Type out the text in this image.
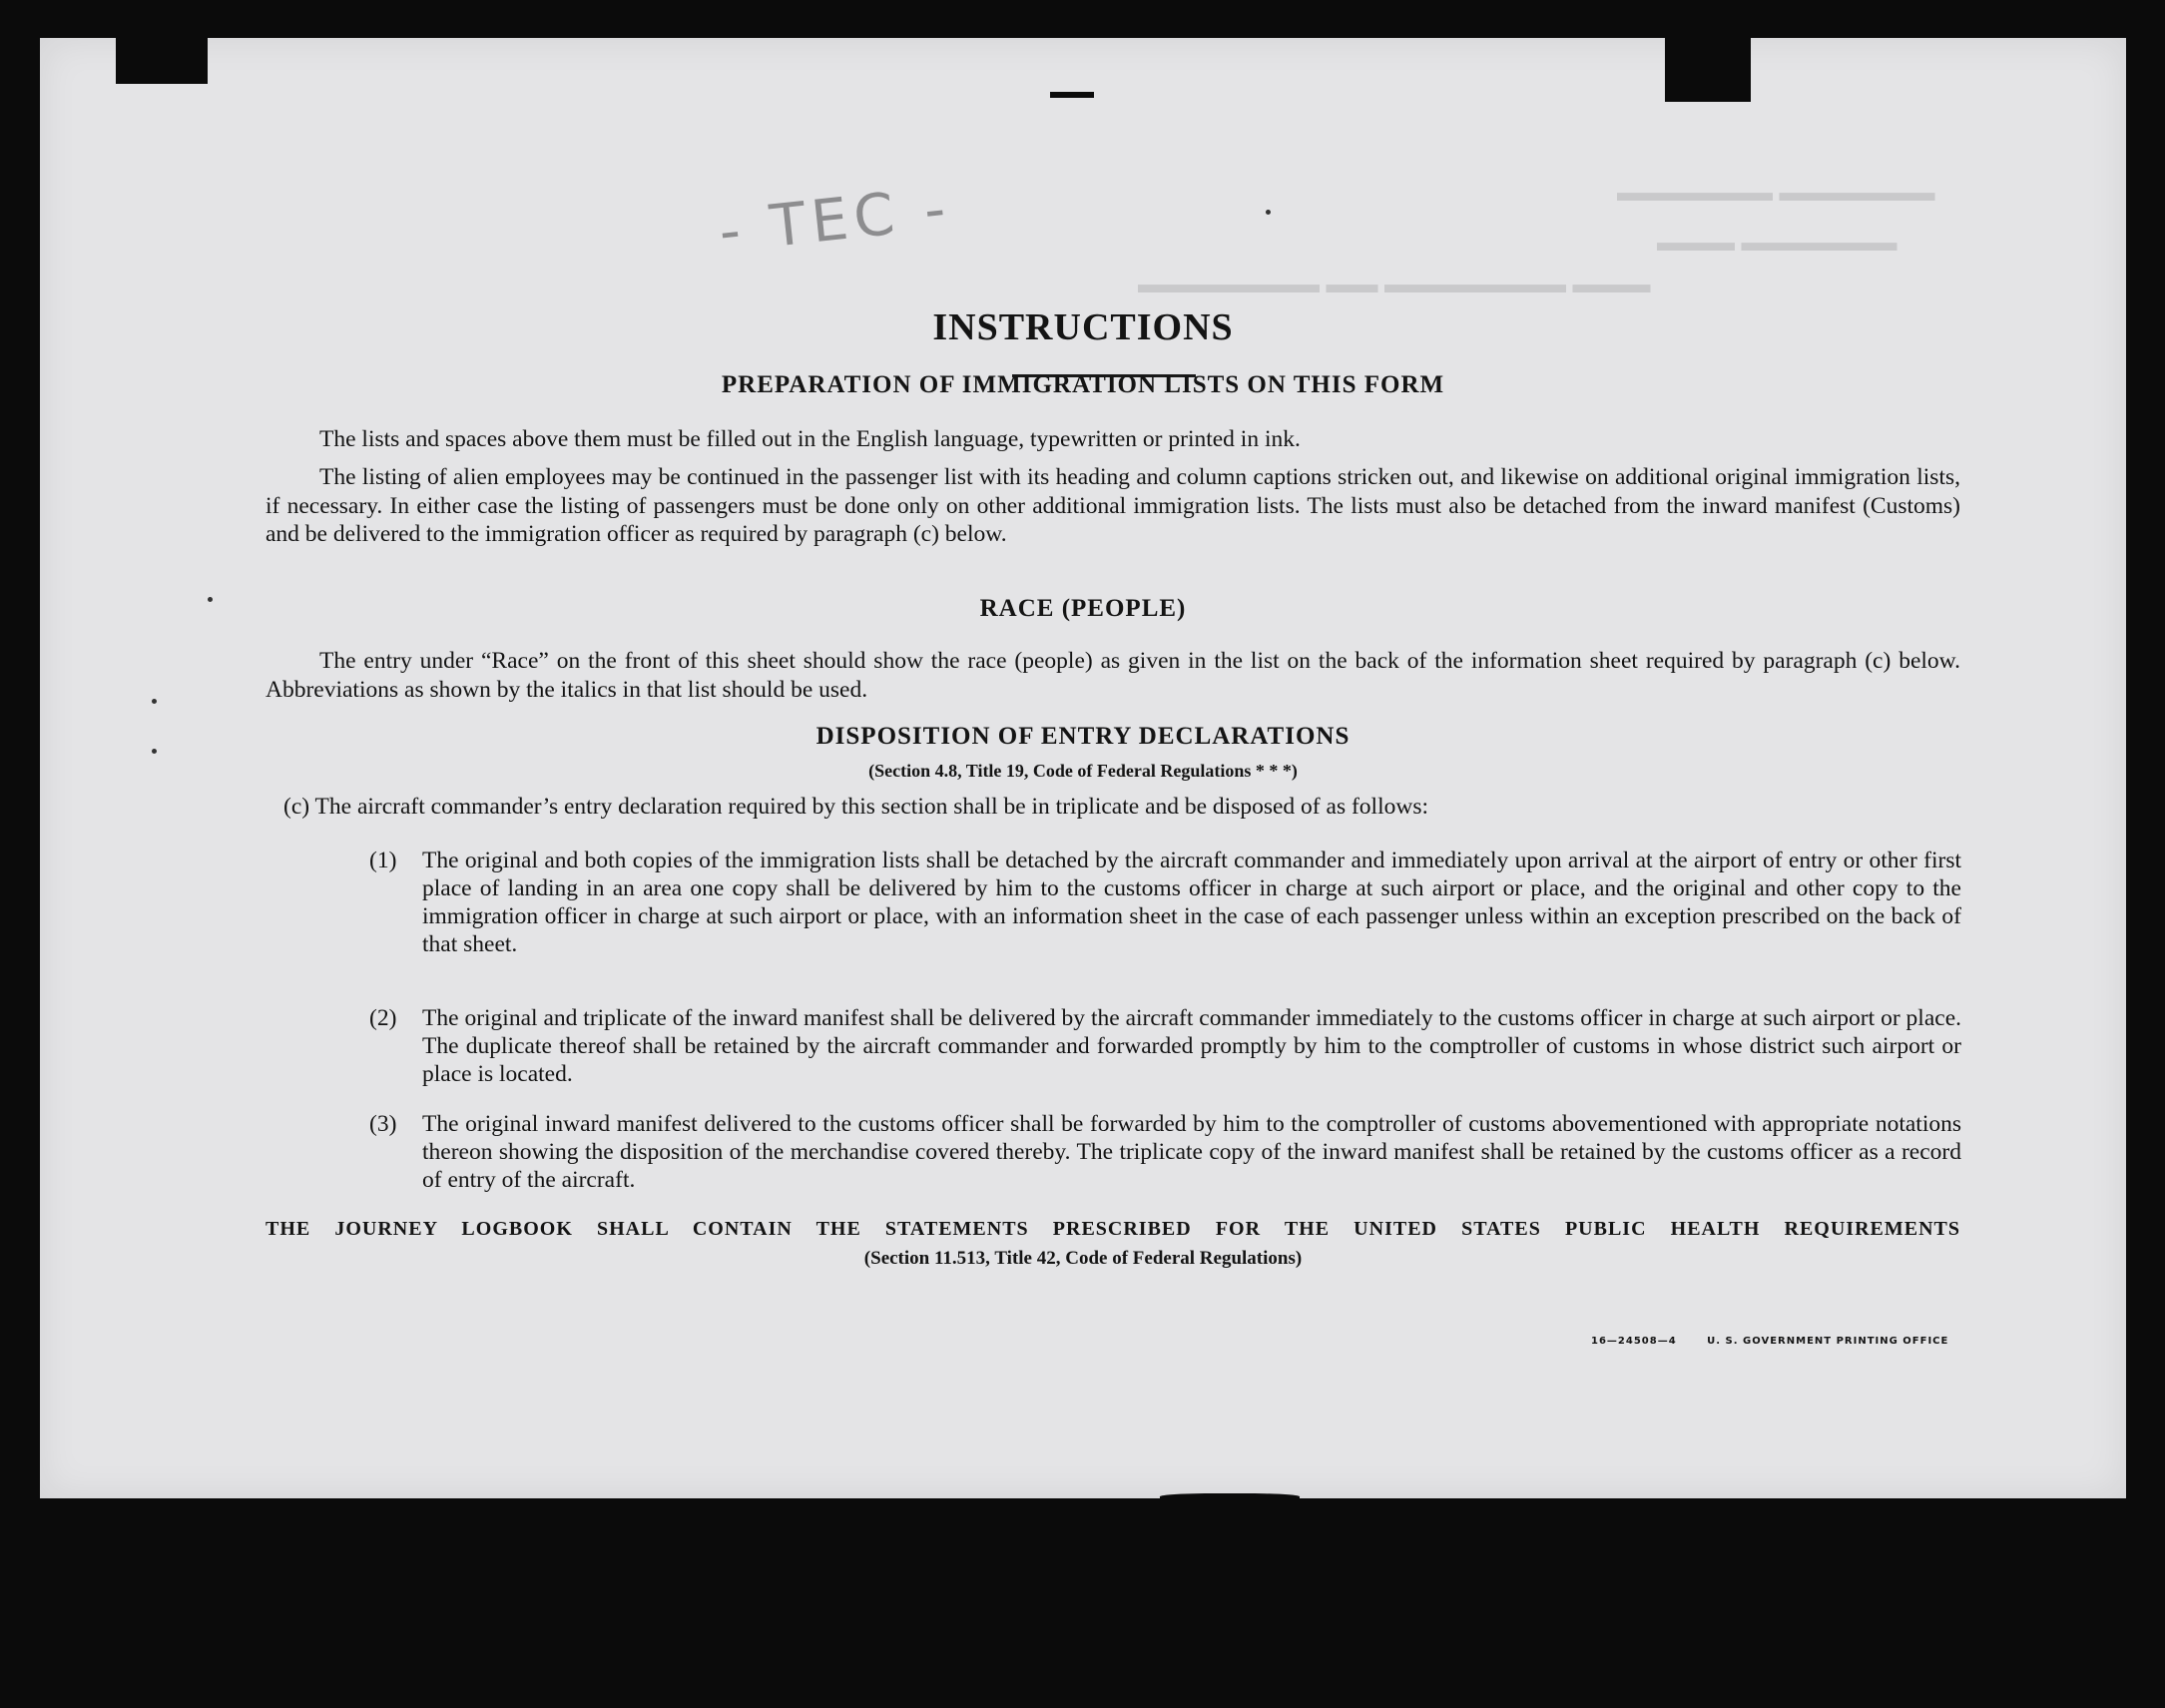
▬▬▬▬▬▬ ▬▬▬▬▬▬
▬▬▬ ▬▬▬▬▬▬
▬▬▬▬▬▬▬ ▬▬ ▬▬▬▬▬▬▬ ▬▬▬
- TEC -
INSTRUCTIONS
PREPARATION OF IMMIGRATION LISTS ON THIS FORM
The lists and spaces above them must be filled out in the English language, typewritten or printed in ink.
The listing of alien employees may be continued in the passenger list with its heading and column captions stricken out, and likewise on additional original immigration lists, if necessary. In either case the listing of passengers must be done only on other additional immigration lists. The lists must also be detached from the inward manifest (Customs) and be delivered to the immigration officer as required by paragraph (c) below.
RACE (PEOPLE)
The entry under “Race” on the front of this sheet should show the race (people) as given in the list on the back of the information sheet required by paragraph (c) below. Abbreviations as shown by the italics in that list should be used.
DISPOSITION OF ENTRY DECLARATIONS
(Section 4.8, Title 19, Code of Federal Regulations * * *)
(c) The aircraft commander’s entry declaration required by this section shall be in triplicate and be disposed of as follows:
(1)	The original and both copies of the immigration lists shall be detached by the aircraft commander and immediately upon arrival at the airport of entry or other first place of landing in an area one copy shall be delivered by him to the customs officer in charge at such airport or place, and the original and other copy to the immigration officer in charge at such airport or place, with an information sheet in the case of each passenger unless within an exception prescribed on the back of that sheet.
(2)	The original and triplicate of the inward manifest shall be delivered by the aircraft commander immediately to the customs officer in charge at such airport or place. The duplicate thereof shall be retained by the aircraft commander and forwarded promptly by him to the comptroller of customs in whose district such airport or place is located.
(3)	The original inward manifest delivered to the customs officer shall be forwarded by him to the comptroller of customs abovementioned with appropriate notations thereon showing the disposition of the merchandise covered thereby. The triplicate copy of the inward manifest shall be retained by the customs officer as a record of entry of the aircraft.
THE JOURNEY LOGBOOK SHALL CONTAIN THE STATEMENTS PRESCRIBED FOR THE UNITED STATES PUBLIC HEALTH REQUIREMENTS
(Section 11.513, Title 42, Code of Federal Regulations)
16—24508—4	U. S. GOVERNMENT PRINTING OFFICE
